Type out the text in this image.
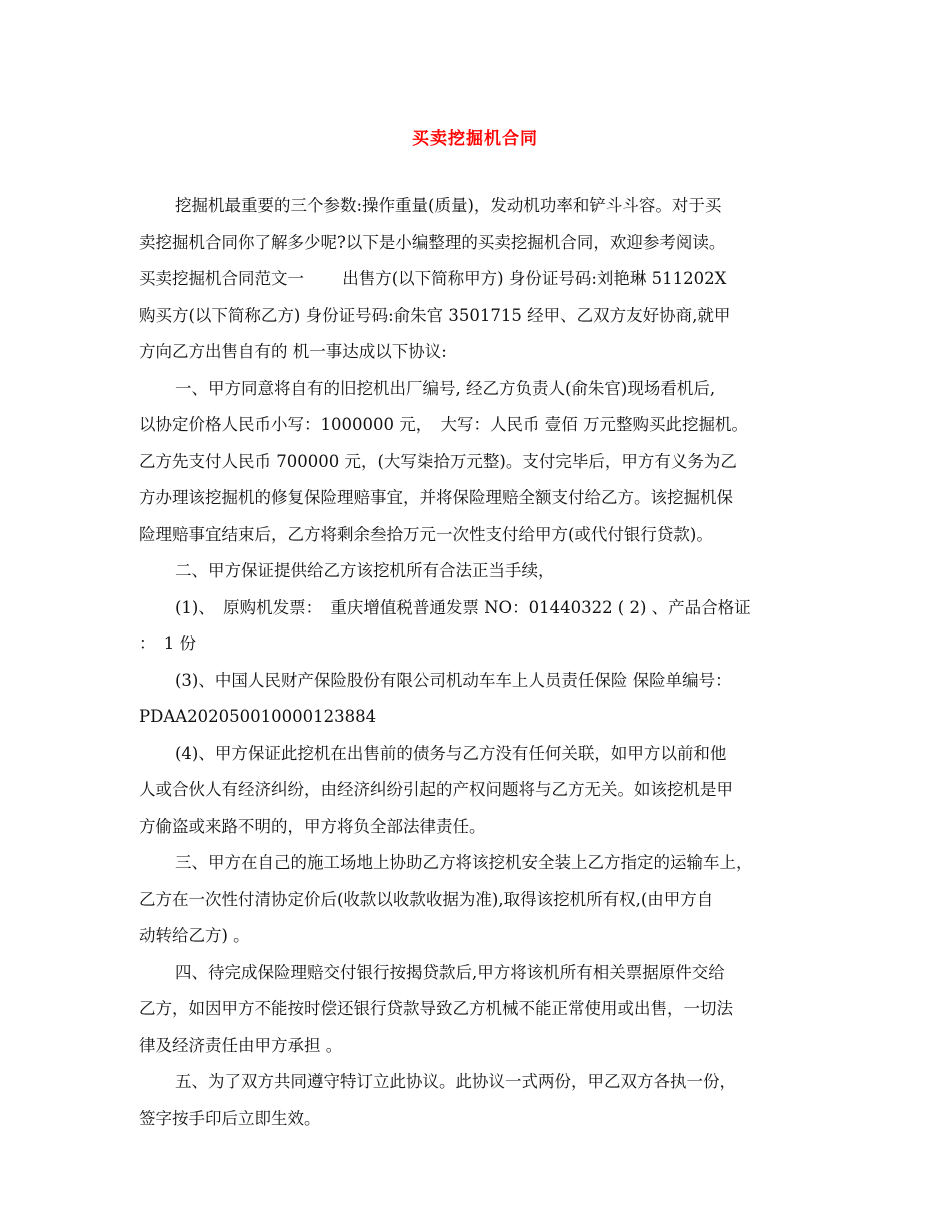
买卖挖掘机合同
挖掘机最重要的三个参数:操作重量(质量)，发动机功率和铲斗斗容。对于买
卖挖掘机合同你了解多少呢?以下是小编整理的买卖挖掘机合同，欢迎参考阅读。
买卖挖掘机合同范文一　　 出售方(以下简称甲方) 身份证号码:刘艳琳 511202X
购买方(以下简称乙方) 身份证号码:俞朱官 3501715 经甲、乙双方友好协商,就甲
方向乙方出售自有的 机一事达成以下协议:
一、甲方同意将自有的旧挖机出厂编号, 经乙方负责人(俞朱官)现场看机后,
以协定价格人民币小写：1000000 元，　大写：人民币 壹佰 万元整购买此挖掘机。
乙方先支付人民币 700000 元，(大写柒拾万元整)。支付完毕后，甲方有义务为乙
方办理该挖掘机的修复保险理赔事宜，并将保险理赔全额支付给乙方。该挖掘机保
险理赔事宜结束后，乙方将剩余叁拾万元一次性支付给甲方(或代付银行贷款)。
二、甲方保证提供给乙方该挖机所有合法正当手续，
(1)、　原购机发票：　重庆增值税普通发票 NO：01440322 ( 2) 、产品合格证
：　1 份
(3)、中国人民财产保险股份有限公司机动车车上人员责任保险 保险单编号：
PDAA202050010000123884
(4)、甲方保证此挖机在出售前的债务与乙方没有任何关联，如甲方以前和他
人或合伙人有经济纠纷，由经济纠纷引起的产权问题将与乙方无关。如该挖机是甲
方偷盗或来路不明的，甲方将负全部法律责任。
三、甲方在自己的施工场地上协助乙方将该挖机安全装上乙方指定的运输车上，
乙方在一次性付清协定价后(收款以收款收据为准),取得该挖机所有权,(由甲方自
动转给乙方) 。
四、待完成保险理赔交付银行按揭贷款后,甲方将该机所有相关票据原件交给
乙方，如因甲方不能按时偿还银行贷款导致乙方机械不能正常使用或出售，一切法
律及经济责任由甲方承担 。
五、为了双方共同遵守特订立此协议。此协议一式两份，甲乙双方各执一份，
签字按手印后立即生效。
